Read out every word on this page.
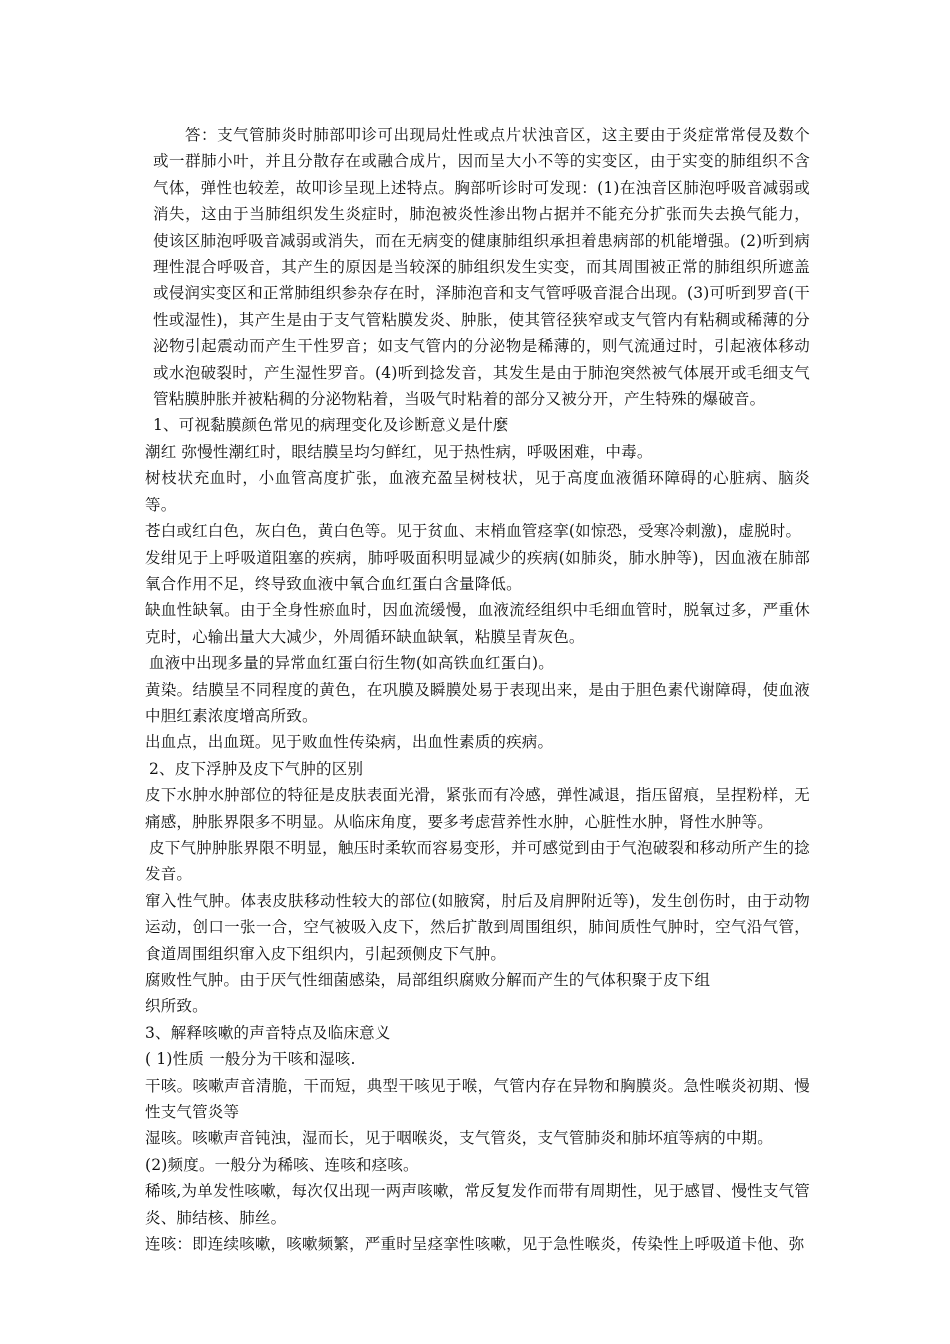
答：支气管肺炎时肺部叩诊可出现局灶性或点片状浊音区，这主要由于炎症常常侵及数个或一群肺小叶，并且分散存在或融合成片，因而呈大小不等的实变区，由于实变的肺组织不含气体，弹性也较差，故叩诊呈现上述特点。胸部听诊时可发现：(1)在浊音区肺泡呼吸音减弱或消失，这由于当肺组织发生炎症时，肺泡被炎性渗出物占据并不能充分扩张而失去换气能力，使该区肺泡呼吸音减弱或消失，而在无病变的健康肺组织承担着患病部的机能增强。(2)听到病理性混合呼吸音，其产生的原因是当较深的肺组织发生实变，而其周围被正常的肺组织所遮盖或侵润实变区和正常肺组织参杂存在时，泽肺泡音和支气管呼吸音混合出现。(3)可听到罗音(干性或湿性)，其产生是由于支气管粘膜发炎、肿胀，使其管径狭窄或支气管内有粘稠或稀薄的分泌物引起震动而产生干性罗音；如支气管内的分泌物是稀薄的，则气流通过时，引起液体移动或水泡破裂时，产生湿性罗音。(4)听到捻发音，其发生是由于肺泡突然被气体展开或毛细支气管粘膜肿胀并被粘稠的分泌物粘着，当吸气时粘着的部分又被分开，产生特殊的爆破音。

1、可视黏膜颜色常见的病理变化及诊断意义是什麼

潮红 弥慢性潮红时，眼结膜呈均匀鲜红，见于热性病，呼吸困难，中毒。

树枝状充血时，小血管高度扩张，血液充盈呈树枝状，见于高度血液循环障碍的心脏病、脑炎等。

苍白或红白色，灰白色，黄白色等。见于贫血、末梢血管痉挛(如惊恐，受寒冷刺激)，虚脱时。

发绀见于上呼吸道阻塞的疾病，肺呼吸面积明显减少的疾病(如肺炎，肺水肿等)，因血液在肺部氧合作用不足，终导致血液中氧合血红蛋白含量降低。

缺血性缺氧。由于全身性瘀血时，因血流缓慢，血液流经组织中毛细血管时，脱氧过多，严重休克时，心输出量大大减少，外周循环缺血缺氧，粘膜呈青灰色。

血液中出现多量的异常血红蛋白衍生物(如高铁血红蛋白)。

黄染。结膜呈不同程度的黄色，在巩膜及瞬膜处易于表现出来，是由于胆色素代谢障碍，使血液中胆红素浓度增高所致。

出血点，出血斑。见于败血性传染病，出血性素质的疾病。

2、皮下浮肿及皮下气肿的区别

皮下水肿水肿部位的特征是皮肤表面光滑，紧张而有冷感，弹性减退，指压留痕，呈捏粉样，无痛感，肿胀界限多不明显。从临床角度，要多考虑营养性水肿，心脏性水肿，肾性水肿等。

皮下气肿肿胀界限不明显，触压时柔软而容易变形，并可感觉到由于气泡破裂和移动所产生的捻发音。

窜入性气肿。体表皮肤移动性较大的部位(如腋窝，肘后及肩胛附近等)，发生创伤时，由于动物运动，创口一张一合，空气被吸入皮下，然后扩散到周围组织，肺间质性气肿时，空气沿气管，食道周围组织窜入皮下组织内，引起颈侧皮下气肿。

腐败性气肿。由于厌气性细菌感染，局部组织腐败分解而产生的气体积聚于皮下组

织所致。

3、解释咳嗽的声音特点及临床意义

( 1)性质 一般分为干咳和湿咳.

干咳。咳嗽声音清脆，干而短，典型干咳见于喉，气管内存在异物和胸膜炎。急性喉炎初期、慢性支气管炎等

湿咳。咳嗽声音钝浊，湿而长，见于咽喉炎，支气管炎，支气管肺炎和肺坏疽等病的中期。

(2)频度。一般分为稀咳、连咳和痉咳。

稀咳,为单发性咳嗽，每次仅出现一两声咳嗽，常反复发作而带有周期性，见于感冒、慢性支气管炎、肺结核、肺丝。

连咳：即连续咳嗽，咳嗽频繁，严重时呈痉挛性咳嗽，见于急性喉炎，传染性上呼吸道卡他、弥
